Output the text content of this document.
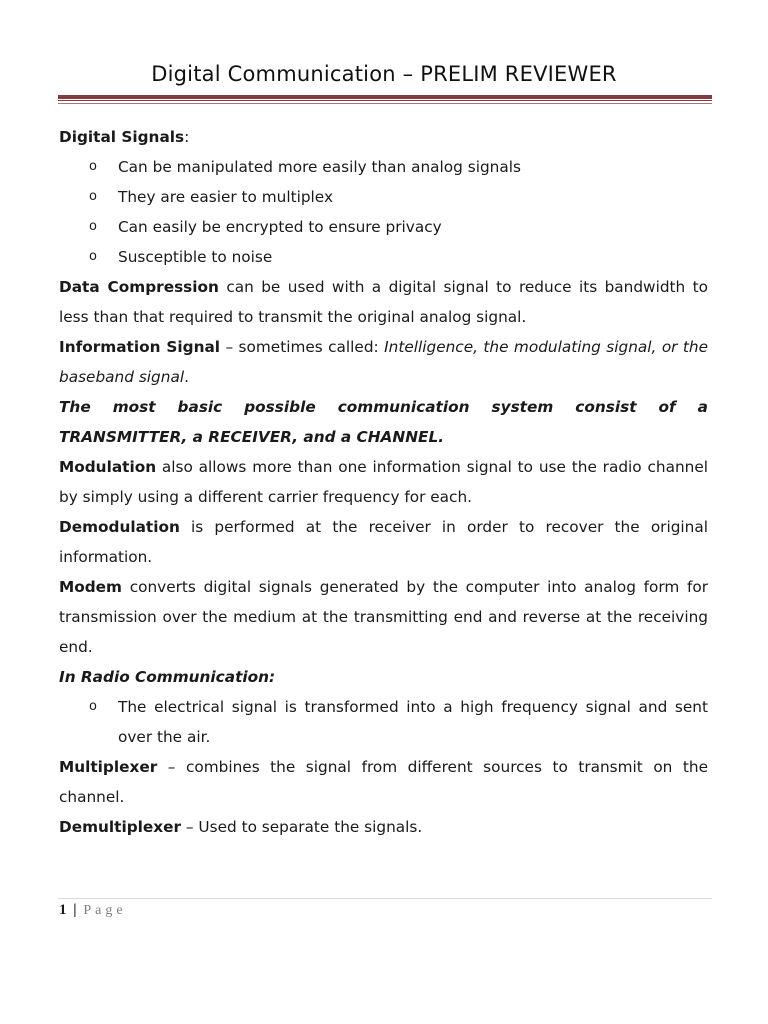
Digital Communication – PRELIM REVIEWER

Digital Signals:

o Can be manipulated more easily than analog signals
o They are easier to multiplex
o Can easily be encrypted to ensure privacy
o Susceptible to noise

Data Compression can be used with a digital signal to reduce its bandwidth to less than that required to transmit the original analog signal.

Information Signal – sometimes called: Intelligence, the modulating signal, or the baseband signal.

The most basic possible communication system consist of a TRANSMITTER, a RECEIVER, and a CHANNEL.

Modulation also allows more than one information signal to use the radio channel by simply using a different carrier frequency for each.

Demodulation is performed at the receiver in order to recover the original information.

Modem converts digital signals generated by the computer into analog form for transmission over the medium at the transmitting end and reverse at the receiving end.

In Radio Communication:

o The electrical signal is transformed into a high frequency signal and sent over the air.

Multiplexer – combines the signal from different sources to transmit on the channel.

Demultiplexer – Used to separate the signals.

1 | Page
